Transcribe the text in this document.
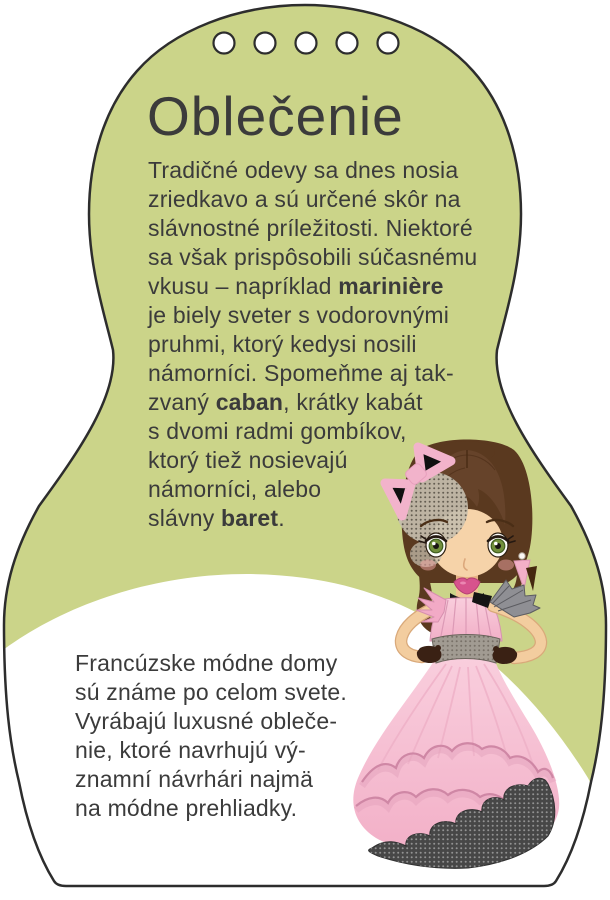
Oblečenie
Tradičné odevy sa dnes nosia
zriedkavo a sú určené skôr na
slávnostné príležitosti. Niektoré
sa však prispôsobili súčasnému
vkusu – napríklad marinière
je biely sveter s vodorovnými
pruhmi, ktorý kedysi nosili
námorníci. Spomeňme aj tak-
zvaný caban, krátky kabát
s dvomi radmi gombíkov,
ktorý tiež nosievajú
námorníci, alebo
slávny baret.
Francúzske módne domy
sú známe po celom svete.
Vyrábajú luxusné obleče-
nie, ktoré navrhujú vý-
znamní návrhári najmä
na módne prehliadky.
